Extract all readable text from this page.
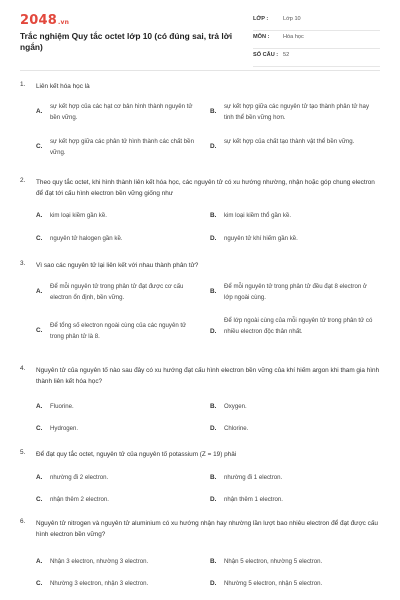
2048.vn
Trắc nghiệm Quy tắc octet lớp 10 (có đúng sai, trả lời ngắn)
LỚP :	Lớp 10
MÔN : Hóa học
SỐ CÂU : 52
1.	Liên kết hóa học là
A.
sự kết hợp của các hạt cơ bản hình thành nguyên tử bền vững.
B.
sự kết hợp giữa các nguyên tử tạo thành phân tử hay tinh thể bền vững hơn.
C.
sự kết hợp giữa các phân tử hình thành các chất bền vững.
D.
sự kết hợp của chất tạo thành vật thể bền vững.
2.	Theo quy tắc octet, khi hình thành liên kết hóa học, các nguyên tử có xu hướng nhường, nhận hoặc góp chung electron để đạt tới cấu hình electron bền vững giống như
A. kim loại kiềm gần kề.	B. kim loại kiềm thổ gần kề.
C. nguyên tử halogen gần kề.	D. nguyên tử khí hiếm gần kề.
3.	Vì sao các nguyên tử lại liên kết với nhau thành phân tử?
A.
Để mỗi nguyên tử trong phân tử đạt được cơ cấu electron ổn định, bền vững.
B.
Để mỗi nguyên tử trong phân tử đều đạt 8 electron ở lớp ngoài cùng.
C.
Để tổng số electron ngoài cùng của các nguyên tử trong phân tử là 8.
D.
Để lớp ngoài cùng của mỗi nguyên tử trong phân tử có nhiều electron độc thân nhất.
4.	Nguyên tử của nguyên tố nào sau đây có xu hướng đạt cấu hình electron bền vững của khí hiếm argon khi tham gia hình thành liên kết hóa học?
A. Fluorine.	B. Oxygen.
C. Hydrogen.	D. Chlorine.
5.	Để đạt quy tắc octet, nguyên tử của nguyên tố potassium (Z = 19) phải
A. nhường đi 2 electron.	B. nhường đi 1 electron.
C. nhận thêm 2 electron.	D. nhận thêm 1 electron.
6.	Nguyên tử nitrogen và nguyên tử aluminium có xu hướng nhận hay nhường lần lượt bao nhiêu electron để đạt được cấu hình electron bền vững?
A. Nhận 3 electron, nhường 3 electron.	B. Nhận 5 electron, nhường 5 electron.
C. Nhường 3 electron, nhận 3 electron.	D. Nhường 5 electron, nhận 5 electron.
